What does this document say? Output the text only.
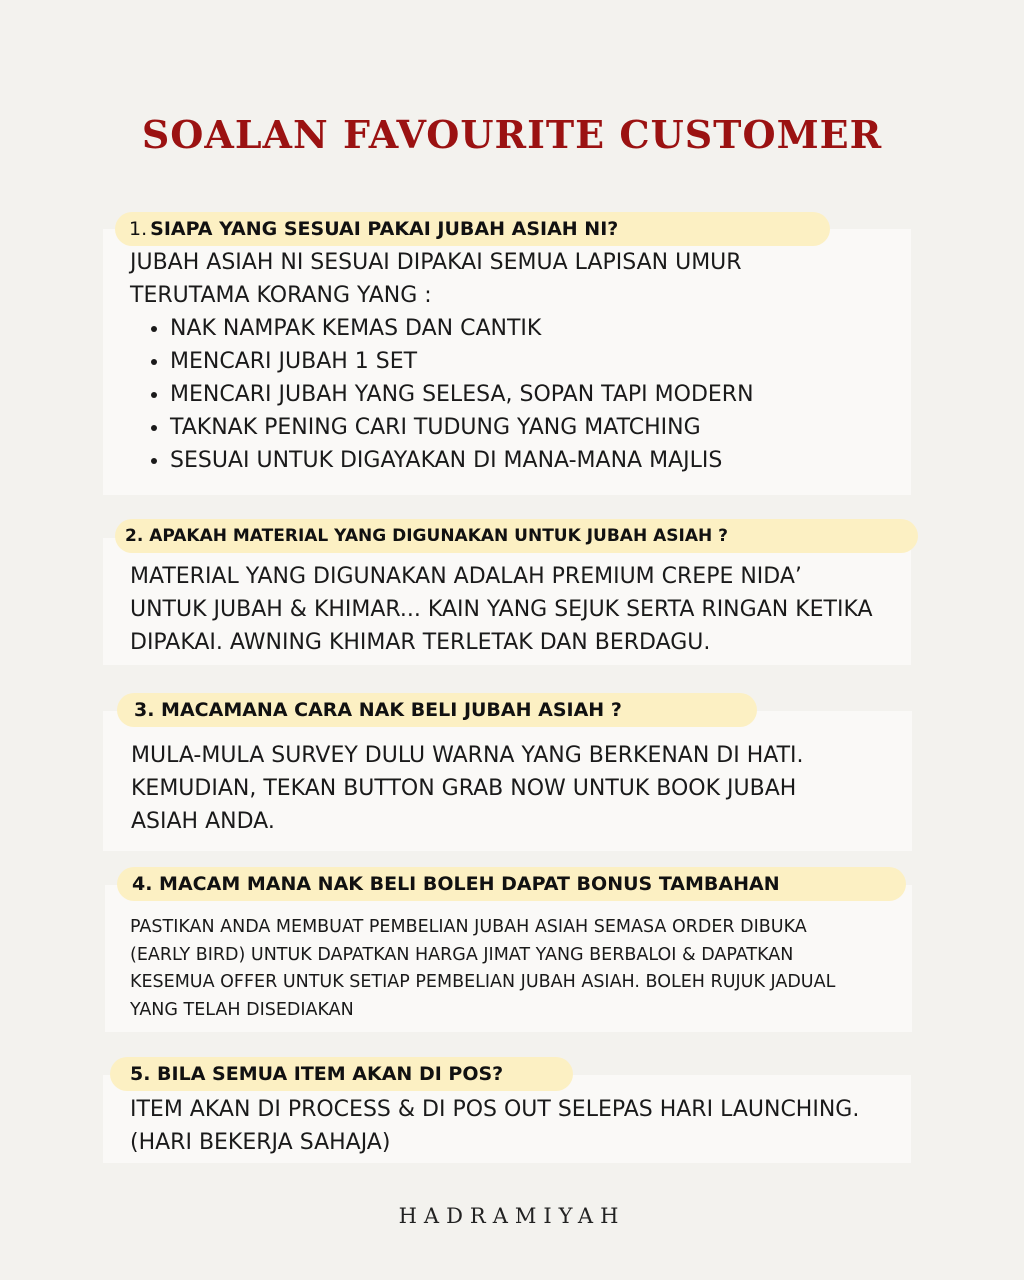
SOALAN FAVOURITE CUSTOMER
1. SIAPA YANG SESUAI PAKAI JUBAH ASIAH NI?
JUBAH ASIAH NI SESUAI DIPAKAI SEMUA LAPISAN UMUR
TERUTAMA KORANG YANG :
• NAK NAMPAK KEMAS DAN CANTIK
• MENCARI JUBAH 1 SET
• MENCARI JUBAH YANG SELESA, SOPAN TAPI MODERN
• TAKNAK PENING CARI TUDUNG YANG MATCHING
• SESUAI UNTUK DIGAYAKAN DI MANA-MANA MAJLIS
2. APAKAH MATERIAL YANG DIGUNAKAN UNTUK JUBAH ASIAH ?
MATERIAL YANG DIGUNAKAN ADALAH PREMIUM CREPE NIDA’
UNTUK JUBAH & KHIMAR... KAIN YANG SEJUK SERTA RINGAN KETIKA
DIPAKAI. AWNING KHIMAR TERLETAK DAN BERDAGU.
3. MACAMANA CARA NAK BELI JUBAH ASIAH ?
MULA-MULA SURVEY DULU WARNA YANG BERKENAN DI HATI.
KEMUDIAN, TEKAN BUTTON GRAB NOW UNTUK BOOK JUBAH
ASIAH ANDA.
4. MACAM MANA NAK BELI BOLEH DAPAT BONUS TAMBAHAN
PASTIKAN ANDA MEMBUAT PEMBELIAN JUBAH ASIAH SEMASA ORDER DIBUKA
(EARLY BIRD) UNTUK DAPATKAN HARGA JIMAT YANG BERBALOI & DAPATKAN
KESEMUA OFFER UNTUK SETIAP PEMBELIAN JUBAH ASIAH. BOLEH RUJUK JADUAL
YANG TELAH DISEDIAKAN
5. BILA SEMUA ITEM AKAN DI POS?
ITEM AKAN DI PROCESS & DI POS OUT SELEPAS HARI LAUNCHING.
(HARI BEKERJA SAHAJA)
HADRAMIYAH
